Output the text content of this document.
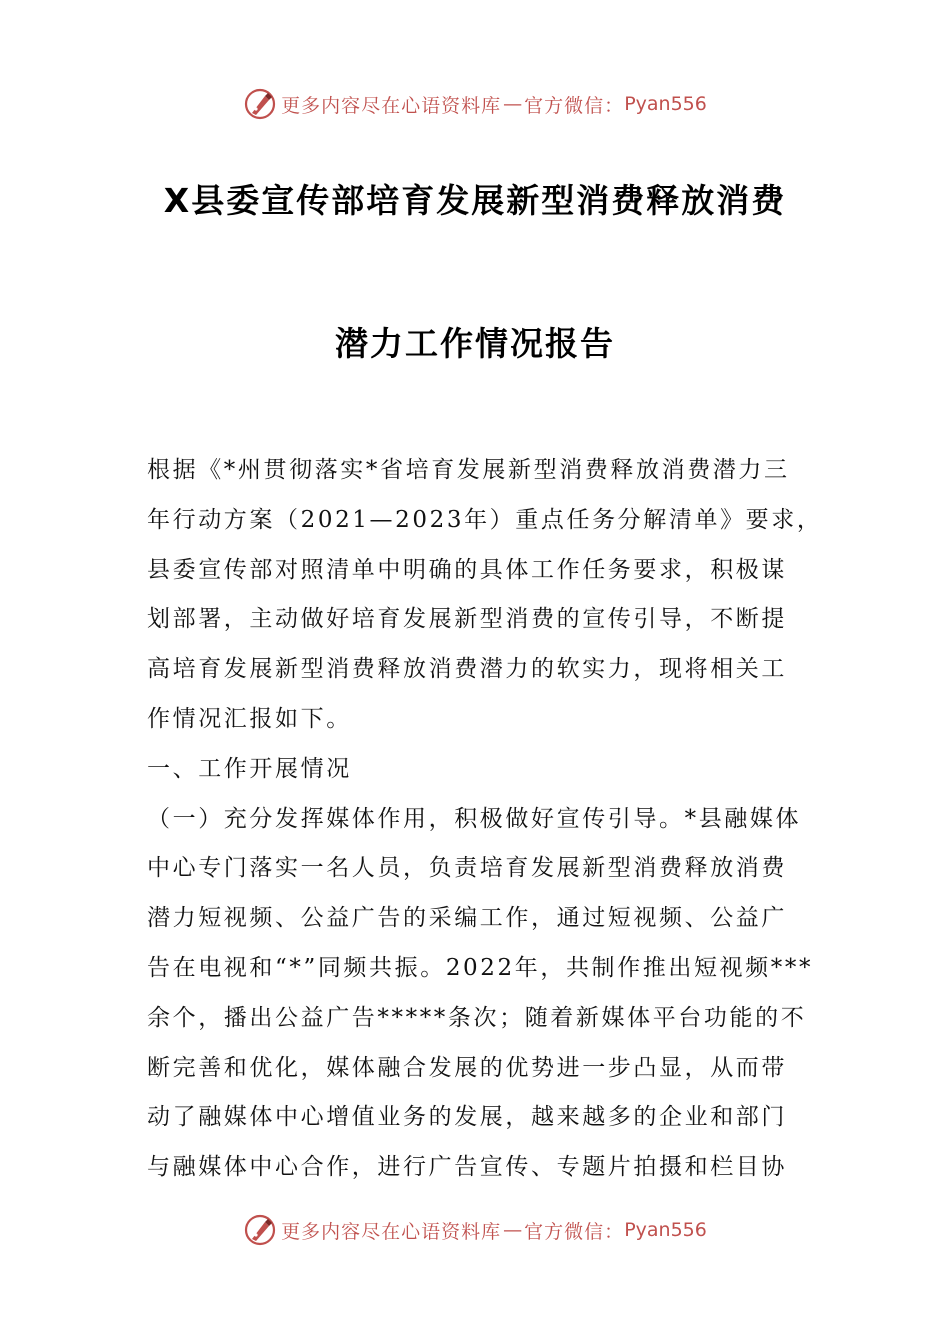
更多内容尽在心语资料库 — 官方微信： Pyan556
X县委宣传部培育发展新型消费释放消费
潜力工作情况报告
根据《*州贯彻落实*省培育发展新型消费释放消费潜力三
年行动方案（2021—2023年）重点任务分解清单》要求，
县委宣传部对照清单中明确的具体工作任务要求，积极谋
划部署，主动做好培育发展新型消费的宣传引导，不断提
高培育发展新型消费释放消费潜力的软实力，现将相关工
作情况汇报如下。
一、工作开展情况
（一）充分发挥媒体作用，积极做好宣传引导。*县融媒体
中心专门落实一名人员，负责培育发展新型消费释放消费
潜力短视频、公益广告的采编工作，通过短视频、公益广
告在电视和“*”同频共振。2022年，共制作推出短视频***
余个，播出公益广告*****条次；随着新媒体平台功能的不
断完善和优化，媒体融合发展的优势进一步凸显，从而带
动了融媒体中心增值业务的发展，越来越多的企业和部门
与融媒体中心合作，进行广告宣传、专题片拍摄和栏目协
更多内容尽在心语资料库 — 官方微信： Pyan556
